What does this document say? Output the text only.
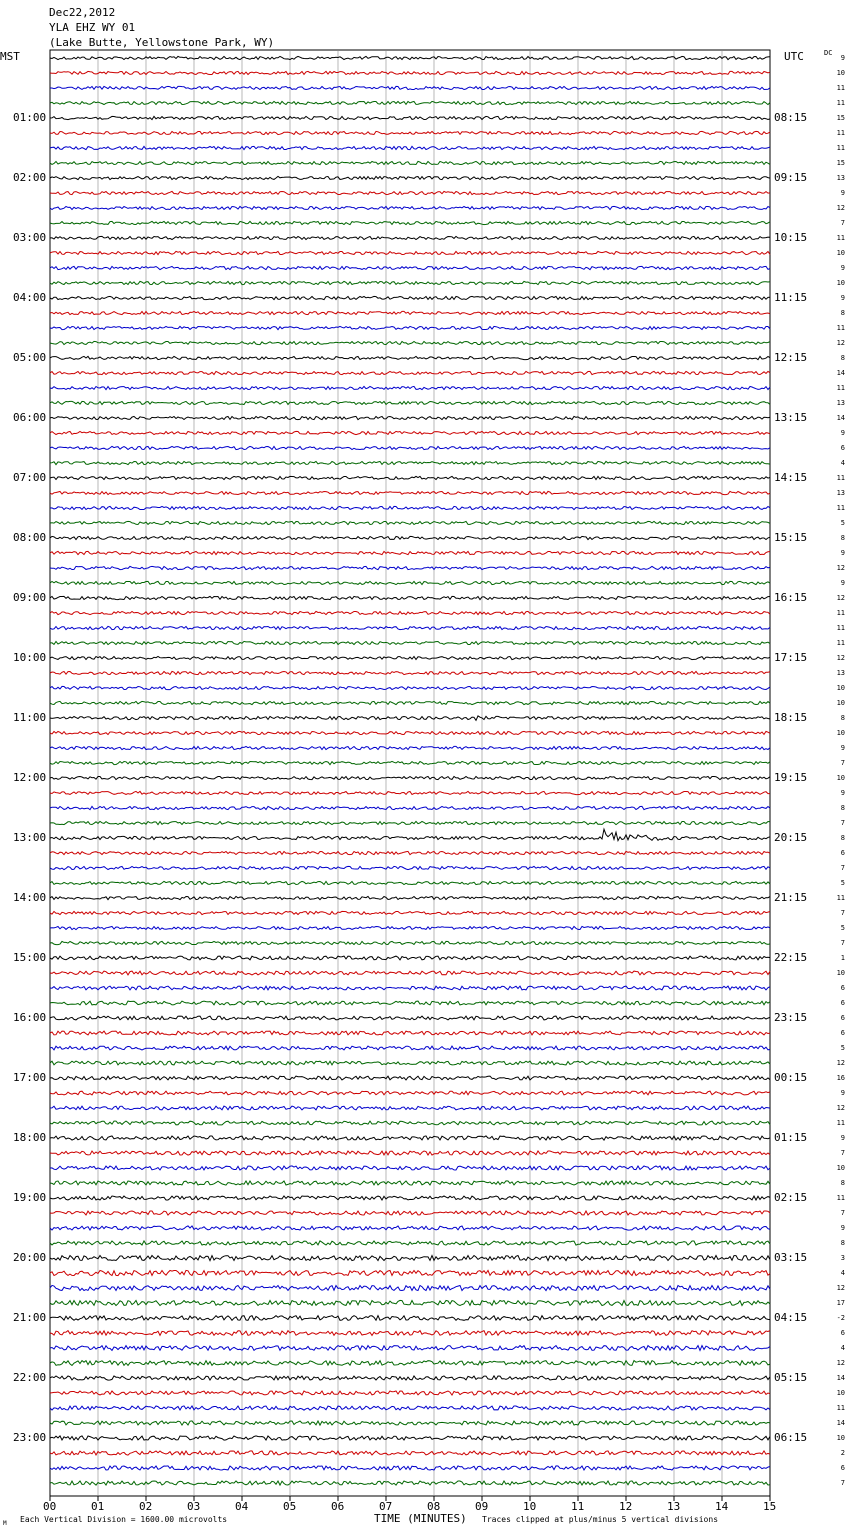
Dec22,2012
YLA EHZ WY 01
(Lake Butte, Yellowstone Park, WY)
MST	UTC	DC
00	01	02	03	04	05	06	07	08	09	10	11	12	13	14	15
01:00	08:15
02:00	09:15
03:00	10:15
04:00	11:15
05:00	12:15
06:00	13:15
07:00	14:15
08:00	15:15
09:00	16:15
10:00	17:15
11:00	18:15
12:00	19:15
13:00	20:15
14:00	21:15
15:00	22:15
16:00	23:15
17:00	00:15
18:00	01:15
19:00	02:15
20:00	03:15
21:00	04:15
22:00	05:15
23:00	06:15
9
10
11
11
15
11
11
15
13
9
12
7
11
10
9
10
9
8
11
12
8
14
11
13
14
9
6
4
11
13
11
5
8
9
12
9
12
11
11
11
12
13
10
10
8
10
9
7
10
9
8
7
8
6
7
5
11
7
5
7
1
10
6
6
6
6
5
12
16
9
12
11
9
7
10
8
11
7
9
8
3
4
12
17
-2
6
4
12
14
10
11
14
10
2
6
7
M Each Vertical Division = 1600.00 microvolts	TIME (MINUTES) Traces clipped at plus/minus 5 vertical divisions
